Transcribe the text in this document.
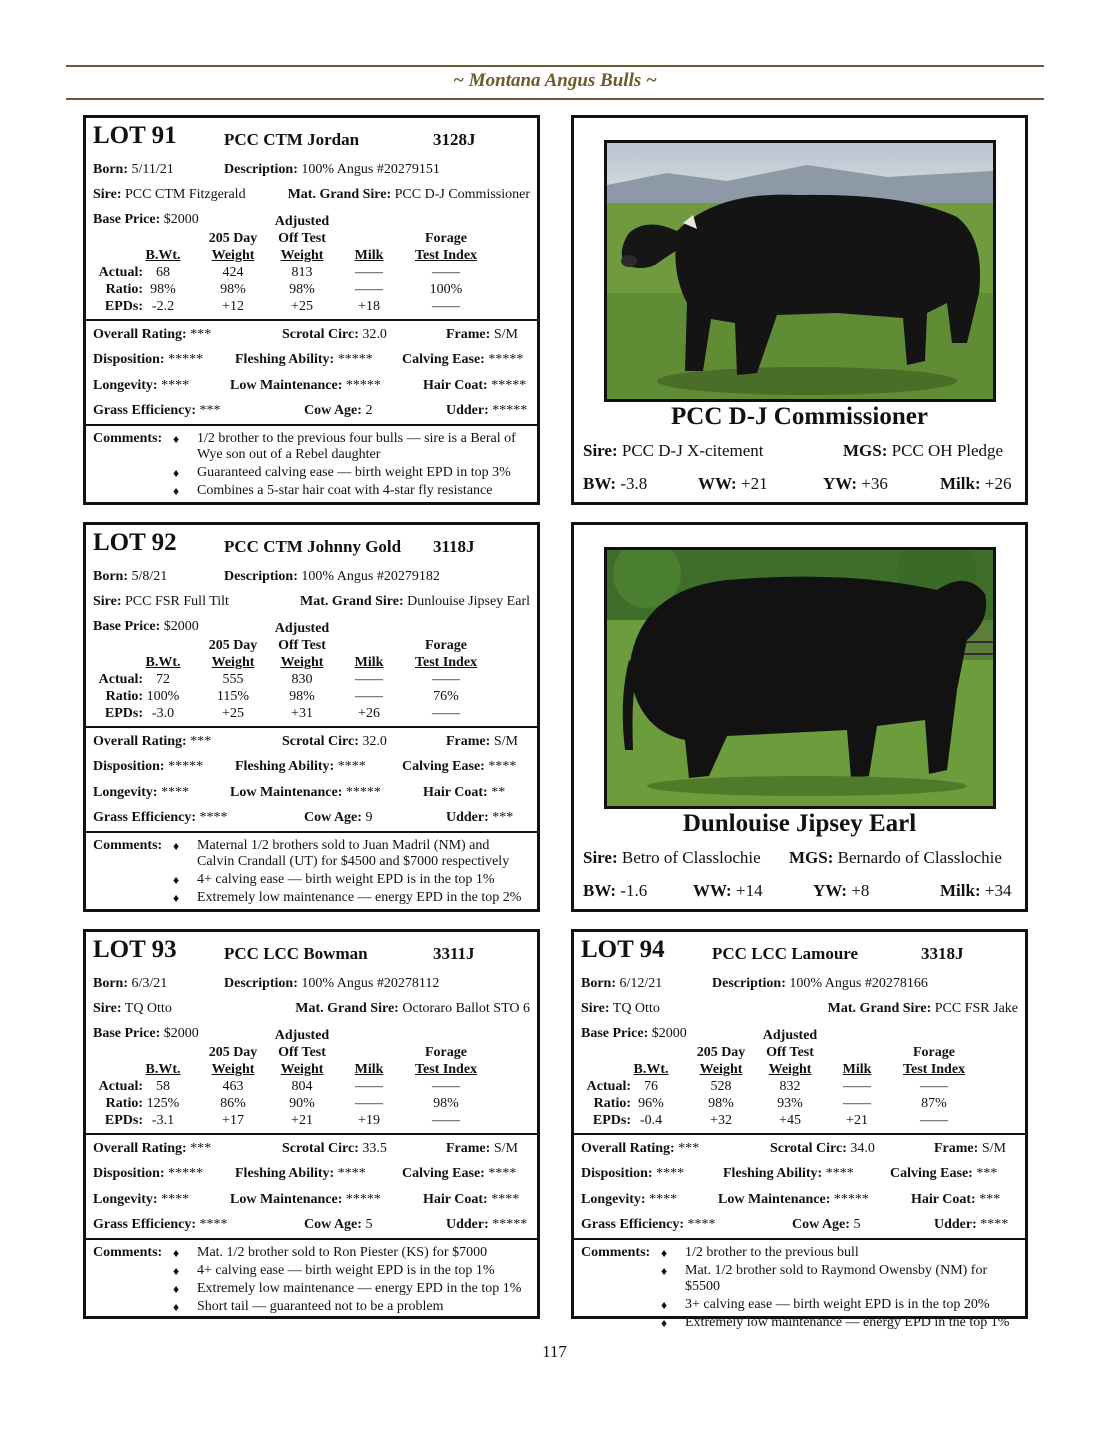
~ Montana Angus Bulls ~
LOT 91	PCC CTM Jordan	3128J
Born: 5/11/21	Description: 100% Angus #20279151
Sire: PCC CTM Fitzgerald	Mat. Grand Sire: PCC D-J Commissioner
Base Price: $2000	Adjusted
205 Day	Off Test	Forage
B.Wt.	Weight	Weight	Milk	Test Index
Actual: 68	424	813	——	——
Ratio: 98%	98%	98%	——	100%
EPDs: -2.2	+12	+25	+18	——
Overall Rating: ***	Scrotal Circ: 32.0	Frame: S/M
Disposition: ***** Fleshing Ability: ***** Calving Ease: *****
Longevity: ****	Low Maintenance: *****	Hair Coat: *****
Grass Efficiency: ***	Cow Age: 2	Udder: *****
Comments: ♦ 1/2 brother to the previous four bulls — sire is a Beral of Wye son out of a Rebel daughter
♦ Guaranteed calving ease — birth weight EPD in top 3%
♦ Combines a 5-star hair coat with 4-star fly resistance
LOT 92	PCC CTM Johnny Gold 3118J
Born: 5/8/21	Description: 100% Angus #20279182
Sire: PCC FSR Full Tilt	Mat. Grand Sire: Dunlouise Jipsey Earl
Base Price: $2000	Adjusted
205 Day	Off Test	Forage
B.Wt.	Weight	Weight	Milk	Test Index
Actual: 72	555	830	——	——
Ratio: 100%	115%	98%	——	76%
EPDs: -3.0	+25	+31	+26	——
Overall Rating: ***	Scrotal Circ: 32.0	Frame: S/M
Disposition: ***** Fleshing Ability: ****	Calving Ease: ****
Longevity: ****	Low Maintenance: *****	Hair Coat: **
Grass Efficiency: ****	Cow Age: 9	Udder: ***
Comments: ♦ Maternal 1/2 brothers sold to Juan Madril (NM) and Calvin Crandall (UT) for $4500 and $7000 respectively
♦ 4+ calving ease — birth weight EPD is in the top 1%
♦ Extremely low maintenance — energy EPD in the top 2%
LOT 93	PCC LCC Bowman	3311J
Born: 6/3/21	Description: 100% Angus #20278112
Sire: TQ Otto	Mat. Grand Sire: Octoraro Ballot STO 6
Base Price: $2000	Adjusted
205 Day	Off Test	Forage
B.Wt.	Weight	Weight	Milk	Test Index
Actual: 58	463	804	——	——
Ratio: 125%	86%	90%	——	98%
EPDs: -3.1	+17	+21	+19	——
Overall Rating: ***	Scrotal Circ: 33.5	Frame: S/M
Disposition: ***** Fleshing Ability: ****	Calving Ease: ****
Longevity: ****	Low Maintenance: *****	Hair Coat: ****
Grass Efficiency: ****	Cow Age: 5	Udder: *****
Comments: ♦ Mat. 1/2 brother sold to Ron Piester (KS) for $7000
♦ 4+ calving ease — birth weight EPD is in the top 1%
♦ Extremely low maintenance — energy EPD in the top 1%
♦ Short tail — guaranteed not to be a problem
LOT 94	PCC LCC Lamoure	3318J
Born: 6/12/21	Description: 100% Angus #20278166
Sire: TQ Otto	Mat. Grand Sire: PCC FSR Jake
Base Price: $2000	Adjusted
205 Day	Off Test	Forage
B.Wt.	Weight	Weight	Milk	Test Index
Actual: 76	528	832	——	——
Ratio: 96%	98%	93%	——	87%
EPDs: -0.4	+32	+45	+21	——
Overall Rating: ***	Scrotal Circ: 34.0	Frame: S/M
Disposition: ****	Fleshing Ability: ****	Calving Ease: ***
Longevity: ****	Low Maintenance: *****	Hair Coat: ***
Grass Efficiency: ****	Cow Age: 5	Udder: ****
Comments: ♦ 1/2 brother to the previous bull
♦ Mat. 1/2 brother sold to Raymond Owensby (NM) for $5500
♦ 3+ calving ease — birth weight EPD is in the top 20%
♦ Extremely low maintenance — energy EPD in the top 1%
PCC D-J Commissioner
Sire: PCC D-J X-citement	MGS: PCC OH Pledge
BW: -3.8	WW: +21	YW: +36	Milk: +26
Dunlouise Jipsey Earl
Sire: Betro of Classlochie MGS: Bernardo of Classlochie
BW: -1.6	WW: +14	YW: +8	Milk: +34
117
